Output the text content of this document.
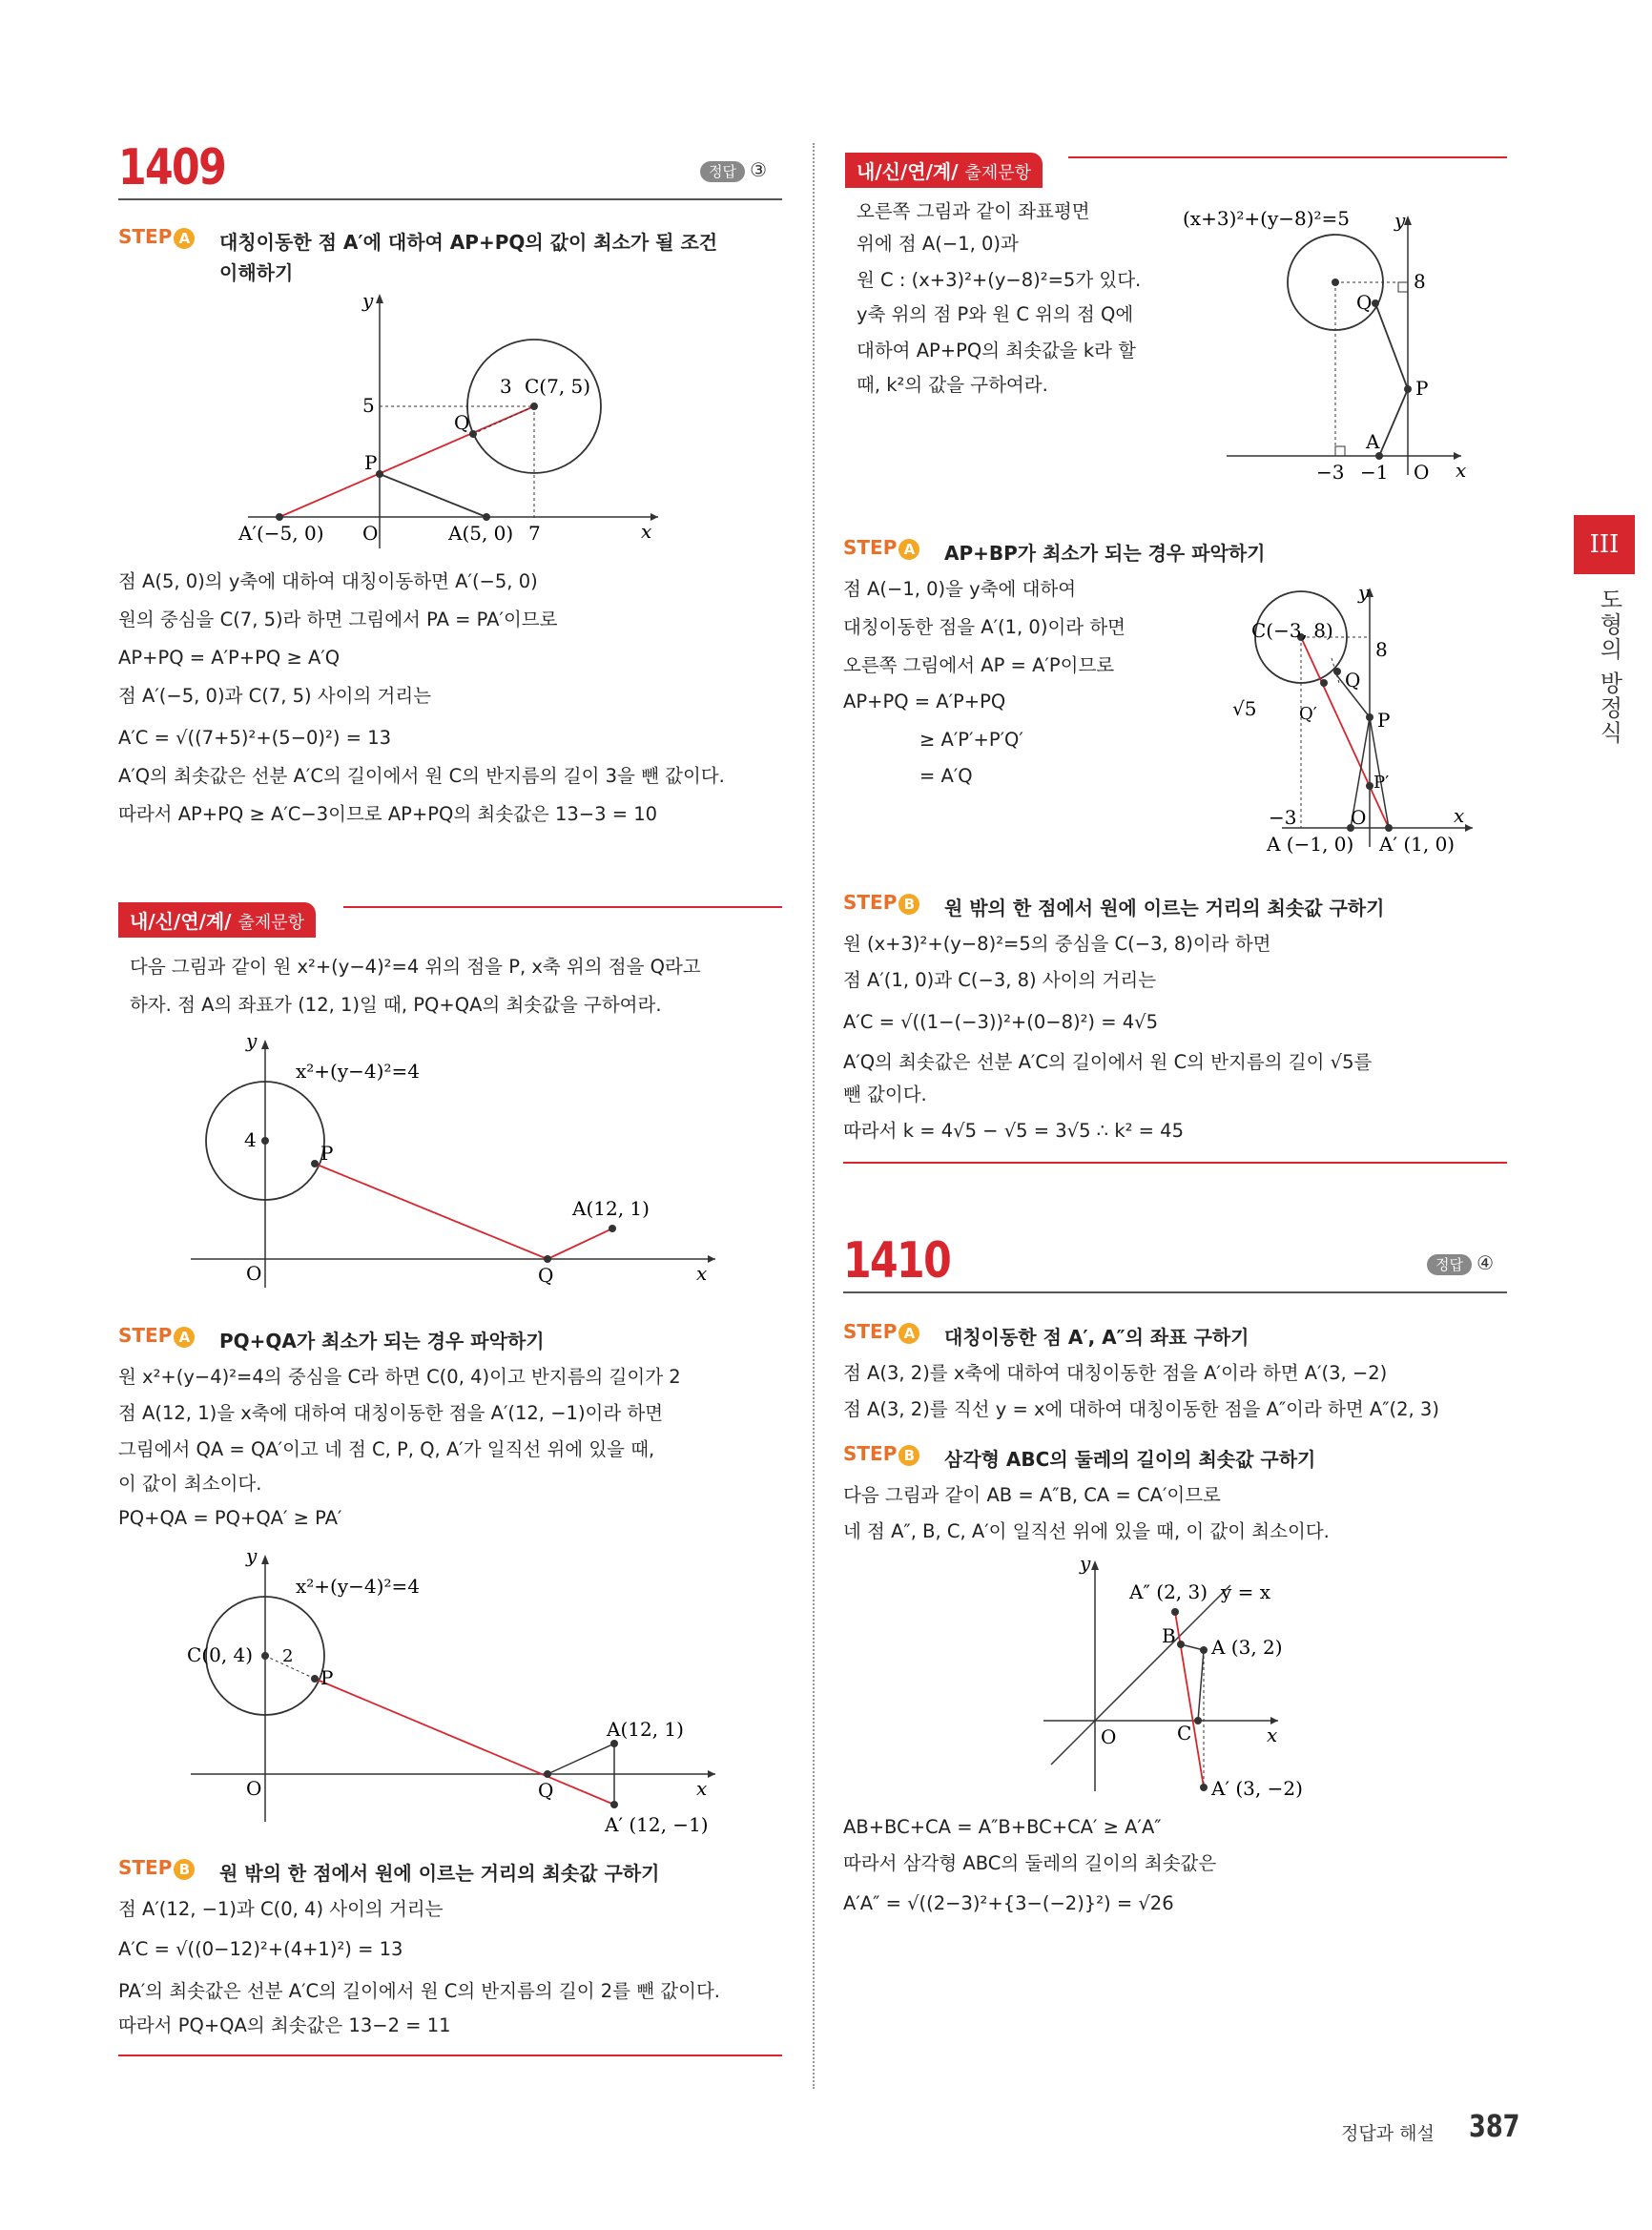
1409	정답 ③
STEP A 대칭이동한 점 A′에 대하여 AP+PQ의 값이 최소가 될 조건
이해하기
y
x
O
5
7
P
Q
3 C(7, 5)
A′(−5, 0)	A(5, 0)
점 A(5, 0)의 y축에 대하여 대칭이동하면 A′(−5, 0)
원의 중심을 C(7, 5)라 하면 그림에서 PA = PA′이므로
AP+PQ = A′P+PQ ≥ A′Q
점 A′(−5, 0)과 C(7, 5) 사이의 거리는
A′C = √((7+5)²+(5−0)²) = 13
A′Q의 최솟값은 선분 A′C의 길이에서 원 C의 반지름의 길이 3을 뺀 값이다.
따라서 AP+PQ ≥ A′C−3이므로 AP+PQ의 최솟값은 13−3 = 10
내/신/연/계/ 출제문항
다음 그림과 같이 원 x²+(y−4)²=4 위의 점을 P, x축 위의 점을 Q라고
하자. 점 A의 좌표가 (12, 1)일 때, PQ+QA의 최솟값을 구하여라.
y
x
O
4
P
Q
A(12, 1)
x²+(y−4)²=4
STEP A PQ+QA가 최소가 되는 경우 파악하기
원 x²+(y−4)²=4의 중심을 C라 하면 C(0, 4)이고 반지름의 길이가 2
점 A(12, 1)을 x축에 대하여 대칭이동한 점을 A′(12, −1)이라 하면
그림에서 QA = QA′이고 네 점 C, P, Q, A′가 일직선 위에 있을 때,
이 값이 최소이다.
PQ+QA = PQ+QA′ ≥ PA′
y
x
O
C(0, 4) 2
P
Q
A(12, 1)
A′ (12, −1)
x²+(y−4)²=4
STEP B 원 밖의 한 점에서 원에 이르는 거리의 최솟값 구하기
점 A′(12, −1)과 C(0, 4) 사이의 거리는
A′C = √((0−12)²+(4+1)²) = 13
PA′의 최솟값은 선분 A′C의 길이에서 원 C의 반지름의 길이 2를 뺀 값이다.
따라서 PQ+QA의 최솟값은 13−2 = 11
내/신/연/계/ 출제문항
오른쪽 그림과 같이 좌표평면
위에 점 A(−1, 0)과
원 C : (x+3)²+(y−8)²=5가 있다.
y축 위의 점 P와 원 C 위의 점 Q에
대하여 AP+PQ의 최솟값을 k라 할
때, k²의 값을 구하여라.
(x+3)²+(y−8)²=5 y
x
O
8
Q
P
A
−3 −1
STEP A AP+BP가 최소가 되는 경우 파악하기
점 A(−1, 0)을 y축에 대하여
대칭이동한 점을 A′(1, 0)이라 하면
오른쪽 그림에서 AP = A′P이므로
AP+PQ = A′P+PQ
≥ A′P′+P′Q′
= A′Q
y
x
C(−3, 8)
8
Q
Q′	P
P′
√5
−3	O
A (−1, 0) A′ (1, 0)
STEP B 원 밖의 한 점에서 원에 이르는 거리의 최솟값 구하기
원 (x+3)²+(y−8)²=5의 중심을 C(−3, 8)이라 하면
점 A′(1, 0)과 C(−3, 8) 사이의 거리는
A′C = √((1−(−3))²+(0−8)²) = 4√5
A′Q의 최솟값은 선분 A′C의 길이에서 원 C의 반지름의 길이 √5를
뺀 값이다.
따라서 k = 4√5 − √5 = 3√5 ∴ k² = 45
1410	정답 ④
STEP A 대칭이동한 점 A′, A″의 좌표 구하기
점 A(3, 2)를 x축에 대하여 대칭이동한 점을 A′이라 하면 A′(3, −2)
점 A(3, 2)를 직선 y = x에 대하여 대칭이동한 점을 A″이라 하면 A″(2, 3)
STEP B 삼각형 ABC의 둘레의 길이의 최솟값 구하기
다음 그림과 같이 AB = A″B, CA = CA′이므로
네 점 A″, B, C, A′이 일직선 위에 있을 때, 이 값이 최소이다.
y
x
O
A″ (2, 3) y = x
B A (3, 2)
C
A′ (3, −2)
AB+BC+CA = A″B+BC+CA′ ≥ A′A″
따라서 삼각형 ABC의 둘레의 길이의 최솟값은
A′A″ = √((2−3)²+{3−(−2)}²) = √26
III
도형의 방정식
정답과 해설 387
